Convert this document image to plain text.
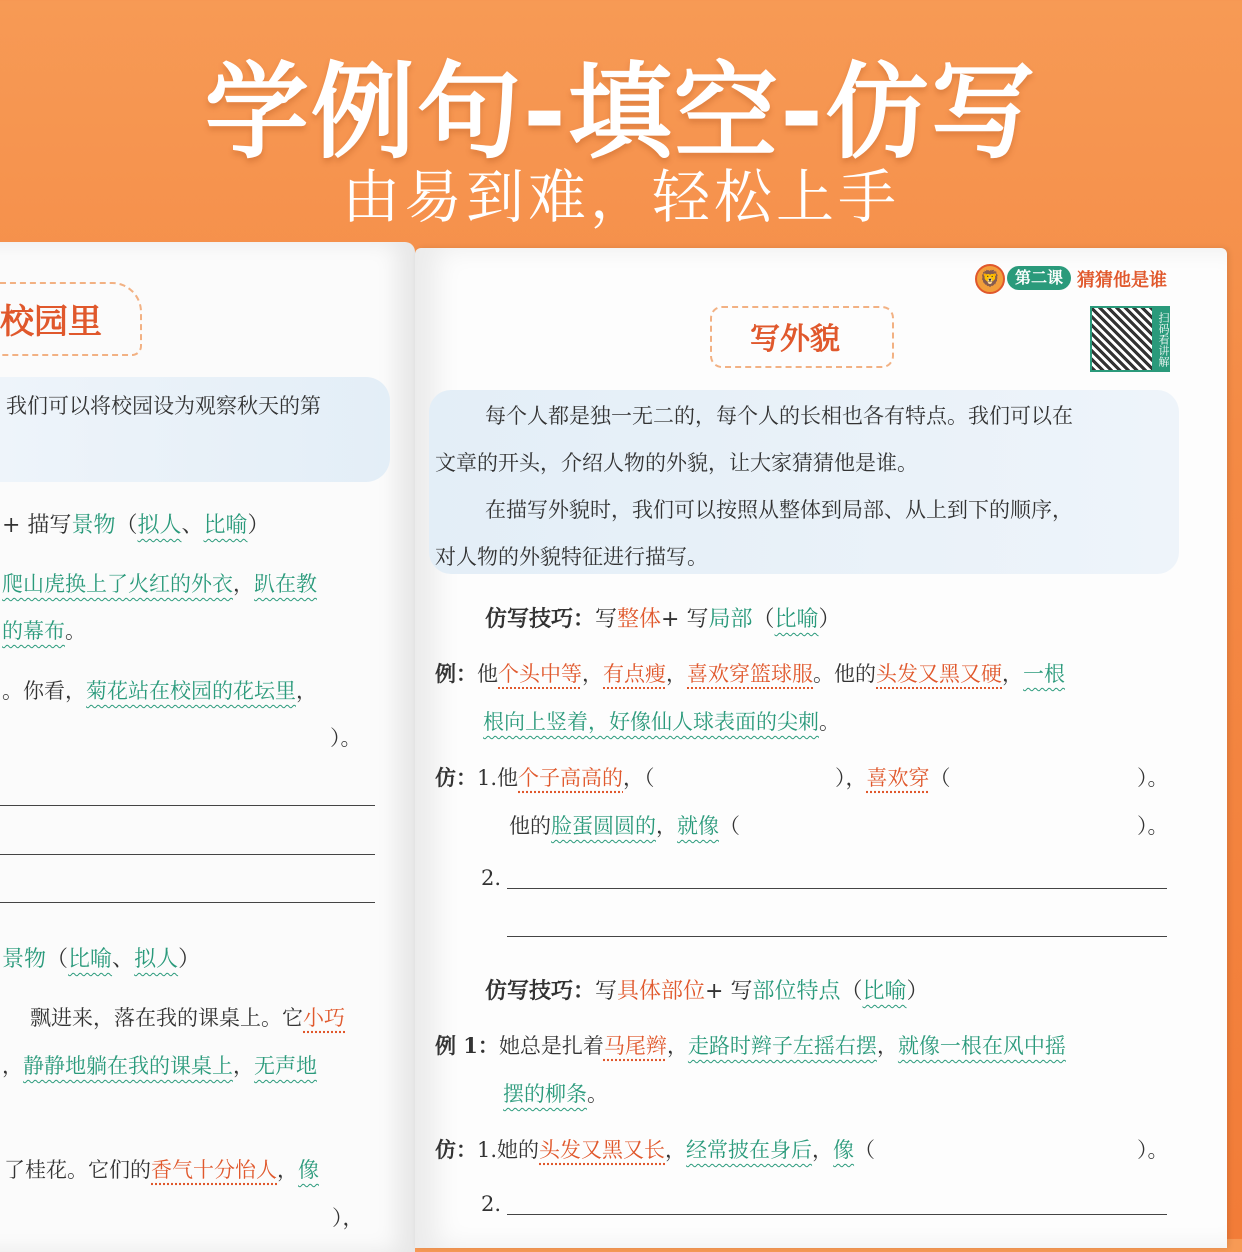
学例句-填空-仿写
由易到难，轻松上手
校园里
我们可以将校园设为观察秋天的第
+ 描写景物（拟人、比喻）
爬山虎换上了火红的外衣，趴在教
的幕布。
。你看，菊花站在校园的花坛里，
）。
景物（比喻、拟人）
飘进来，落在我的课桌上。它小巧
，静静地躺在我的课桌上，无声地
了桂花。它们的香气十分怡人，像
），
🦁 第二课 猜猜他是谁
写外貌	扫码看讲解
每个人都是独一无二的，每个人的长相也各有特点。我们可以在
文章的开头，介绍人物的外貌，让大家猜猜他是谁。
在描写外貌时，我们可以按照从整体到局部、从上到下的顺序，
对人物的外貌特征进行描写。
仿写技巧：写整体+ 写局部（比喻）
例：他个头中等，有点瘦，喜欢穿篮球服。他的头发又黑又硬，一根
根向上竖着，好像仙人球表面的尖刺。
仿：1.他个子高高的，（	），喜欢穿（	）。
他的脸蛋圆圆的，就像（	）。
2.
仿写技巧：写具体部位+ 写部位特点（比喻）
例 1：她总是扎着马尾辫，走路时辫子左摇右摆，就像一根在风中摇
摆的柳条。
仿：1.她的头发又黑又长，经常披在身后，像（	）。
2.
